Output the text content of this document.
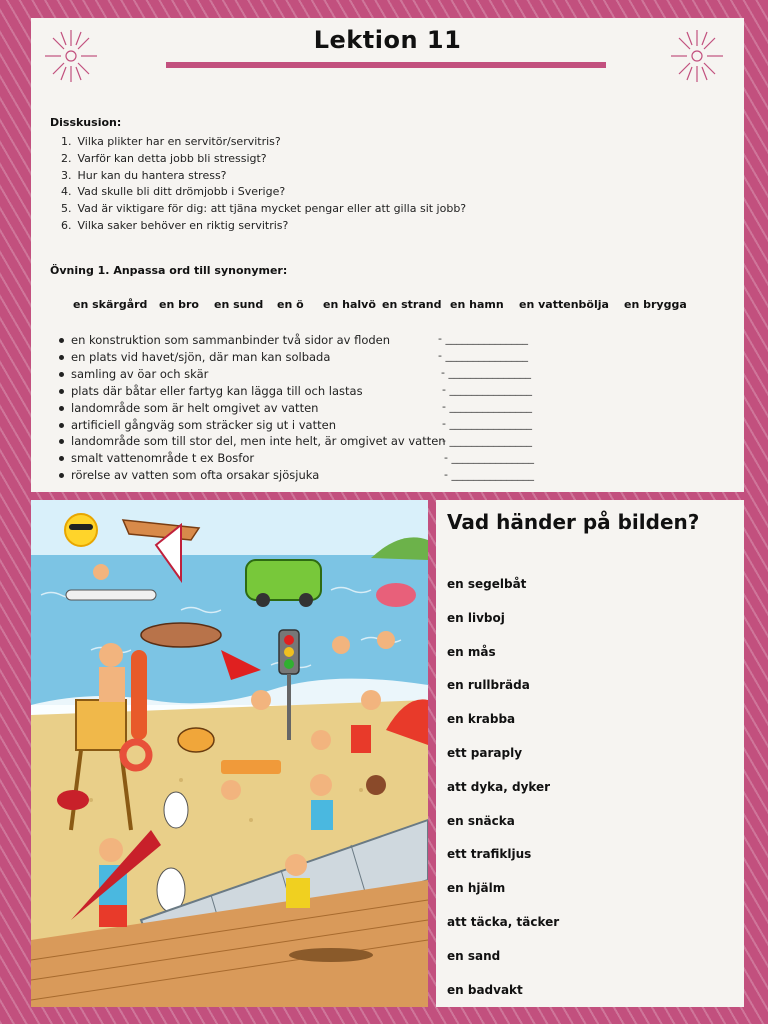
Lektion 11
Disskusion:
1. Vilka plikter har en servitör/servitris?
2. Varför kan detta jobb bli stressigt?
3. Hur kan du hantera stress?
4. Vad skulle bli ditt drömjobb i Sverige?
5. Vad är viktigare för dig: att tjäna mycket pengar eller att gilla sit jobb?
6. Vilka saker behöver en riktig servitris?
Övning 1. Anpassa ord till synonymer:
en skärgård en bro en sund en ö en halvö en strand en hamn en vattenbölja en brygga
en konstruktion som sammanbinder två sidor av floden
en plats vid havet/sjön, där man kan solbada
samling av öar och skär
plats där båtar eller fartyg kan lägga till och lastas
landområde som är helt omgivet av vatten
artificiell gångväg som sträcker sig ut i vatten
landområde som till stor del, men inte helt, är omgivet av vatten
smalt vattenområde t ex Bosfor
rörelse av vatten som ofta orsakar sjösjuka
- _______________
- _______________
- _______________
- _______________
- _______________
- _______________
- _______________
- _______________
- _______________
Vad händer på bilden?
en segelbåt
en livboj
en mås
en rullbräda
en krabba
ett paraply
att dyka, dyker
en snäcka
ett trafikljus
en hjälm
att täcka, täcker
en sand
en badvakt
